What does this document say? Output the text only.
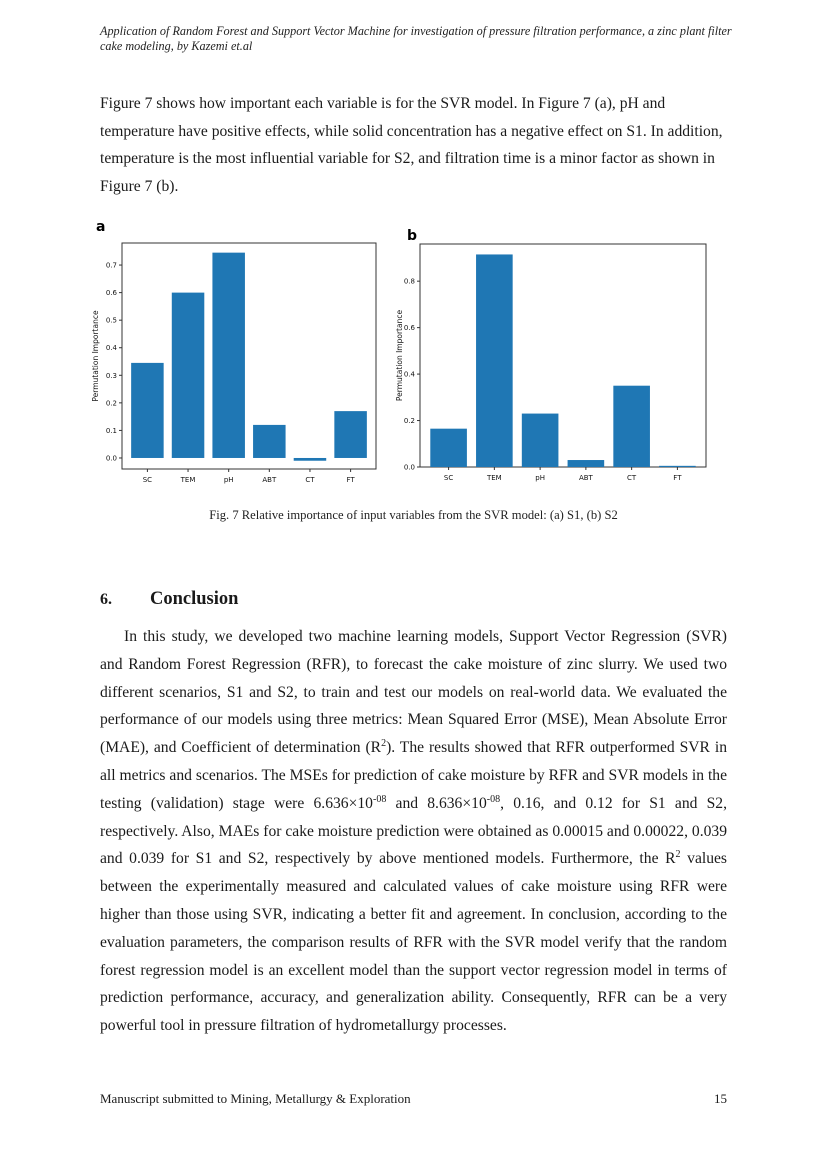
Application of Random Forest and Support Vector Machine for investigation of pressure filtration performance, a zinc plant filter cake modeling, by Kazemi et.al

Figure 7 shows how important each variable is for the SVR model. In Figure 7 (a), pH and temperature have positive effects, while solid concentration has a negative effect on S1. In addition, temperature is the most influential variable for S2, and filtration time is a minor factor as shown in Figure 7 (b).

a
b
SC	TEM	pH	ABT	CT	FT
0.0
0.1
0.2
0.3
0.4
0.5
0.6
0.7
Permutation Importance
SC	TEM	pH	ABT	CT	FT
0.0
0.2
0.4
0.6
0.8
Permutation Importance
Fig. 7 Relative importance of input variables from the SVR model: (a) S1, (b) S2
6. Conclusion

In this study, we developed two machine learning models, Support Vector Regression (SVR) and Random Forest Regression (RFR), to forecast the cake moisture of zinc slurry. We used two different scenarios, S1 and S2, to train and test our models on real-world data. We evaluated the performance of our models using three metrics: Mean Squared Error (MSE), Mean Absolute Error (MAE), and Coefficient of determination $(R^2)$. The results showed that RFR outperformed SVR in all metrics and scenarios. The MSEs for prediction of cake moisture by RFR and SVR models in the testing (validation) stage were $6.636\times 10^{-08}$ and $8.636\times 10^{-08}$, 0.16, and 0.12 for S1 and S2, respectively. Also, MAEs for cake moisture prediction were obtained as 0.00015 and 0.00022, 0.039 and 0.039 for S1 and S2, respectively by above mentioned models. Furthermore, the $R^2$ values between the experimentally measured and calculated values of cake moisture using RFR were higher than those using SVR, indicating a better fit and agreement. In conclusion, according to the evaluation parameters, the comparison results of RFR with the SVR model verify that the random forest regression model is an excellent model than the support vector regression model in terms of prediction performance, accuracy, and generalization ability. Consequently, RFR can be a very powerful tool in pressure filtration of hydrometallurgy processes.

Manuscript submitted to Mining, Metallurgy & Exploration	15
